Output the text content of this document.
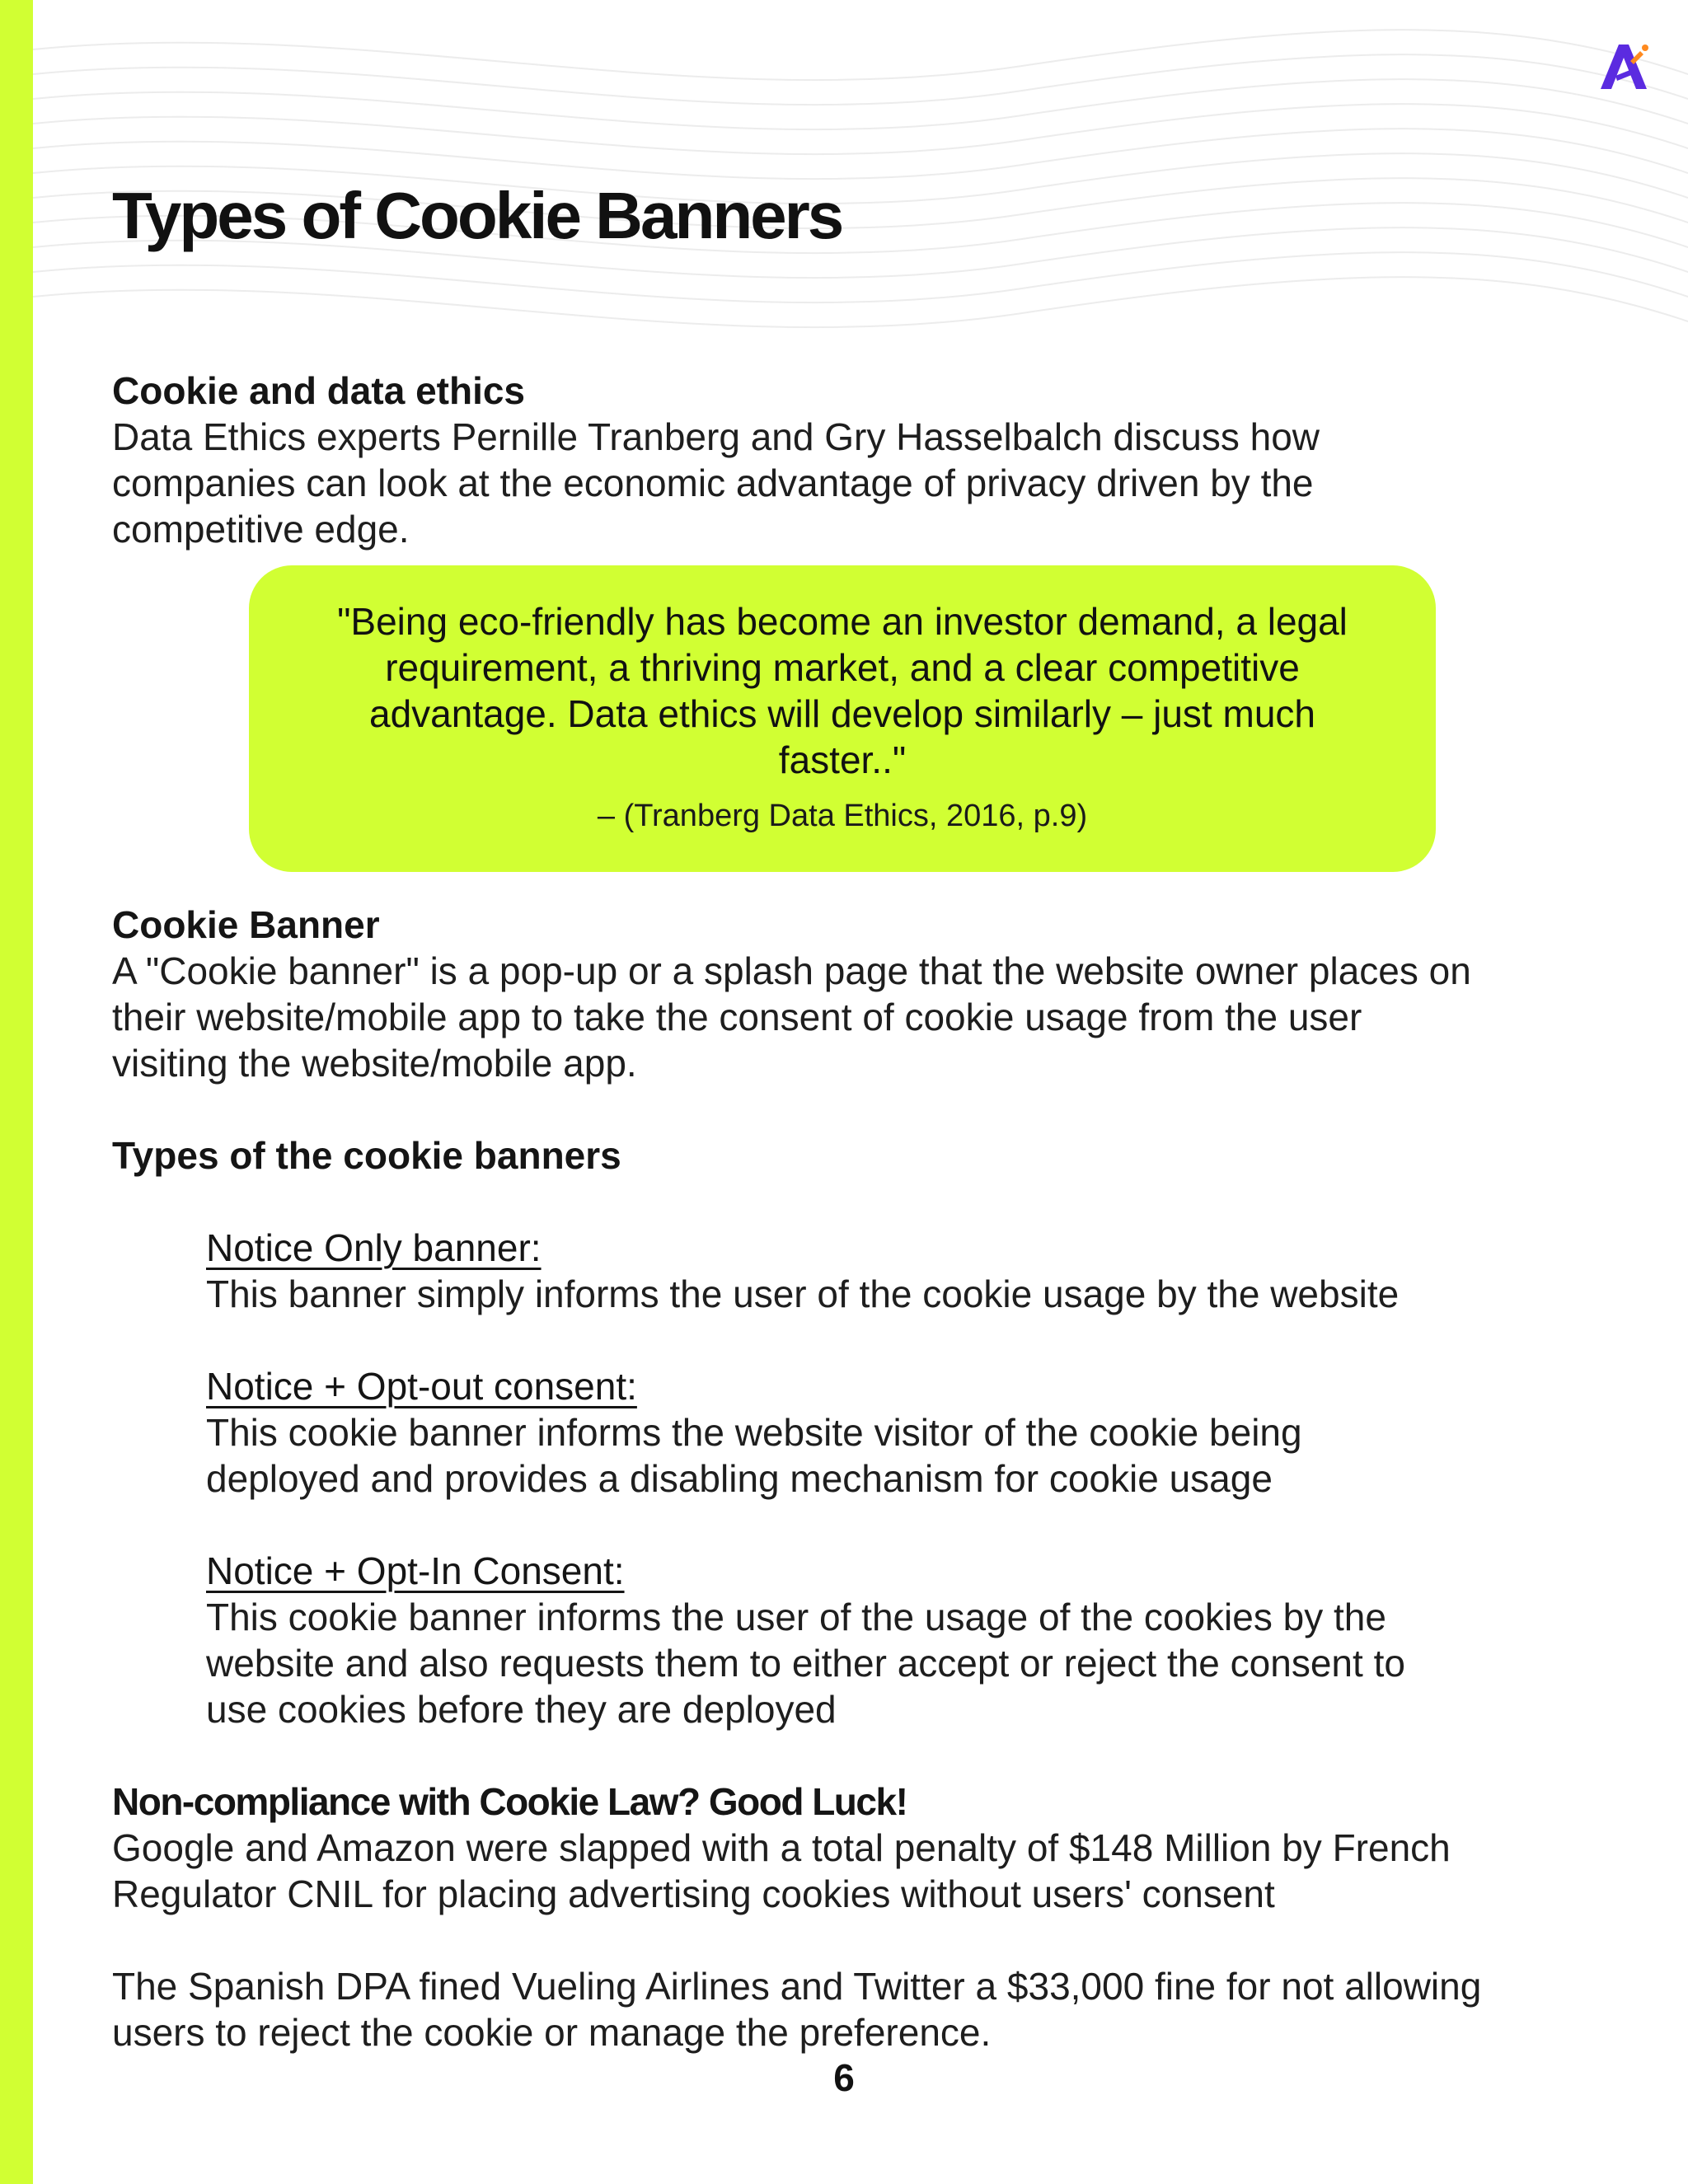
Types of Cookie Banners

Cookie and data ethics

Data Ethics experts Pernille Tranberg and Gry Hasselbalch discuss how

companies can look at the economic advantage of privacy driven by the

competitive edge.

"Being eco-friendly has become an investor demand, a legal

requirement, a thriving market, and a clear competitive

advantage. Data ethics will develop similarly – just much

faster.."

– (Tranberg Data Ethics, 2016, p.9)

Cookie Banner

A "Cookie banner" is a pop-up or a splash page that the website owner places on

their website/mobile app to take the consent of cookie usage from the user

visiting the website/mobile app.

Types of the cookie banners

Notice Only banner:

This banner simply informs the user of the cookie usage by the website

Notice + Opt-out consent:

This cookie banner informs the website visitor of the cookie being

deployed and provides a disabling mechanism for cookie usage

Notice + Opt-In Consent:

This cookie banner informs the user of the usage of the cookies by the

website and also requests them to either accept or reject the consent to

use cookies before they are deployed

Non-compliance with Cookie Law? Good Luck!

Google and Amazon were slapped with a total penalty of $148 Million by French

Regulator CNIL for placing advertising cookies without users' consent

The Spanish DPA fined Vueling Airlines and Twitter a $33,000 fine for not allowing

users to reject the cookie or manage the preference.

6
